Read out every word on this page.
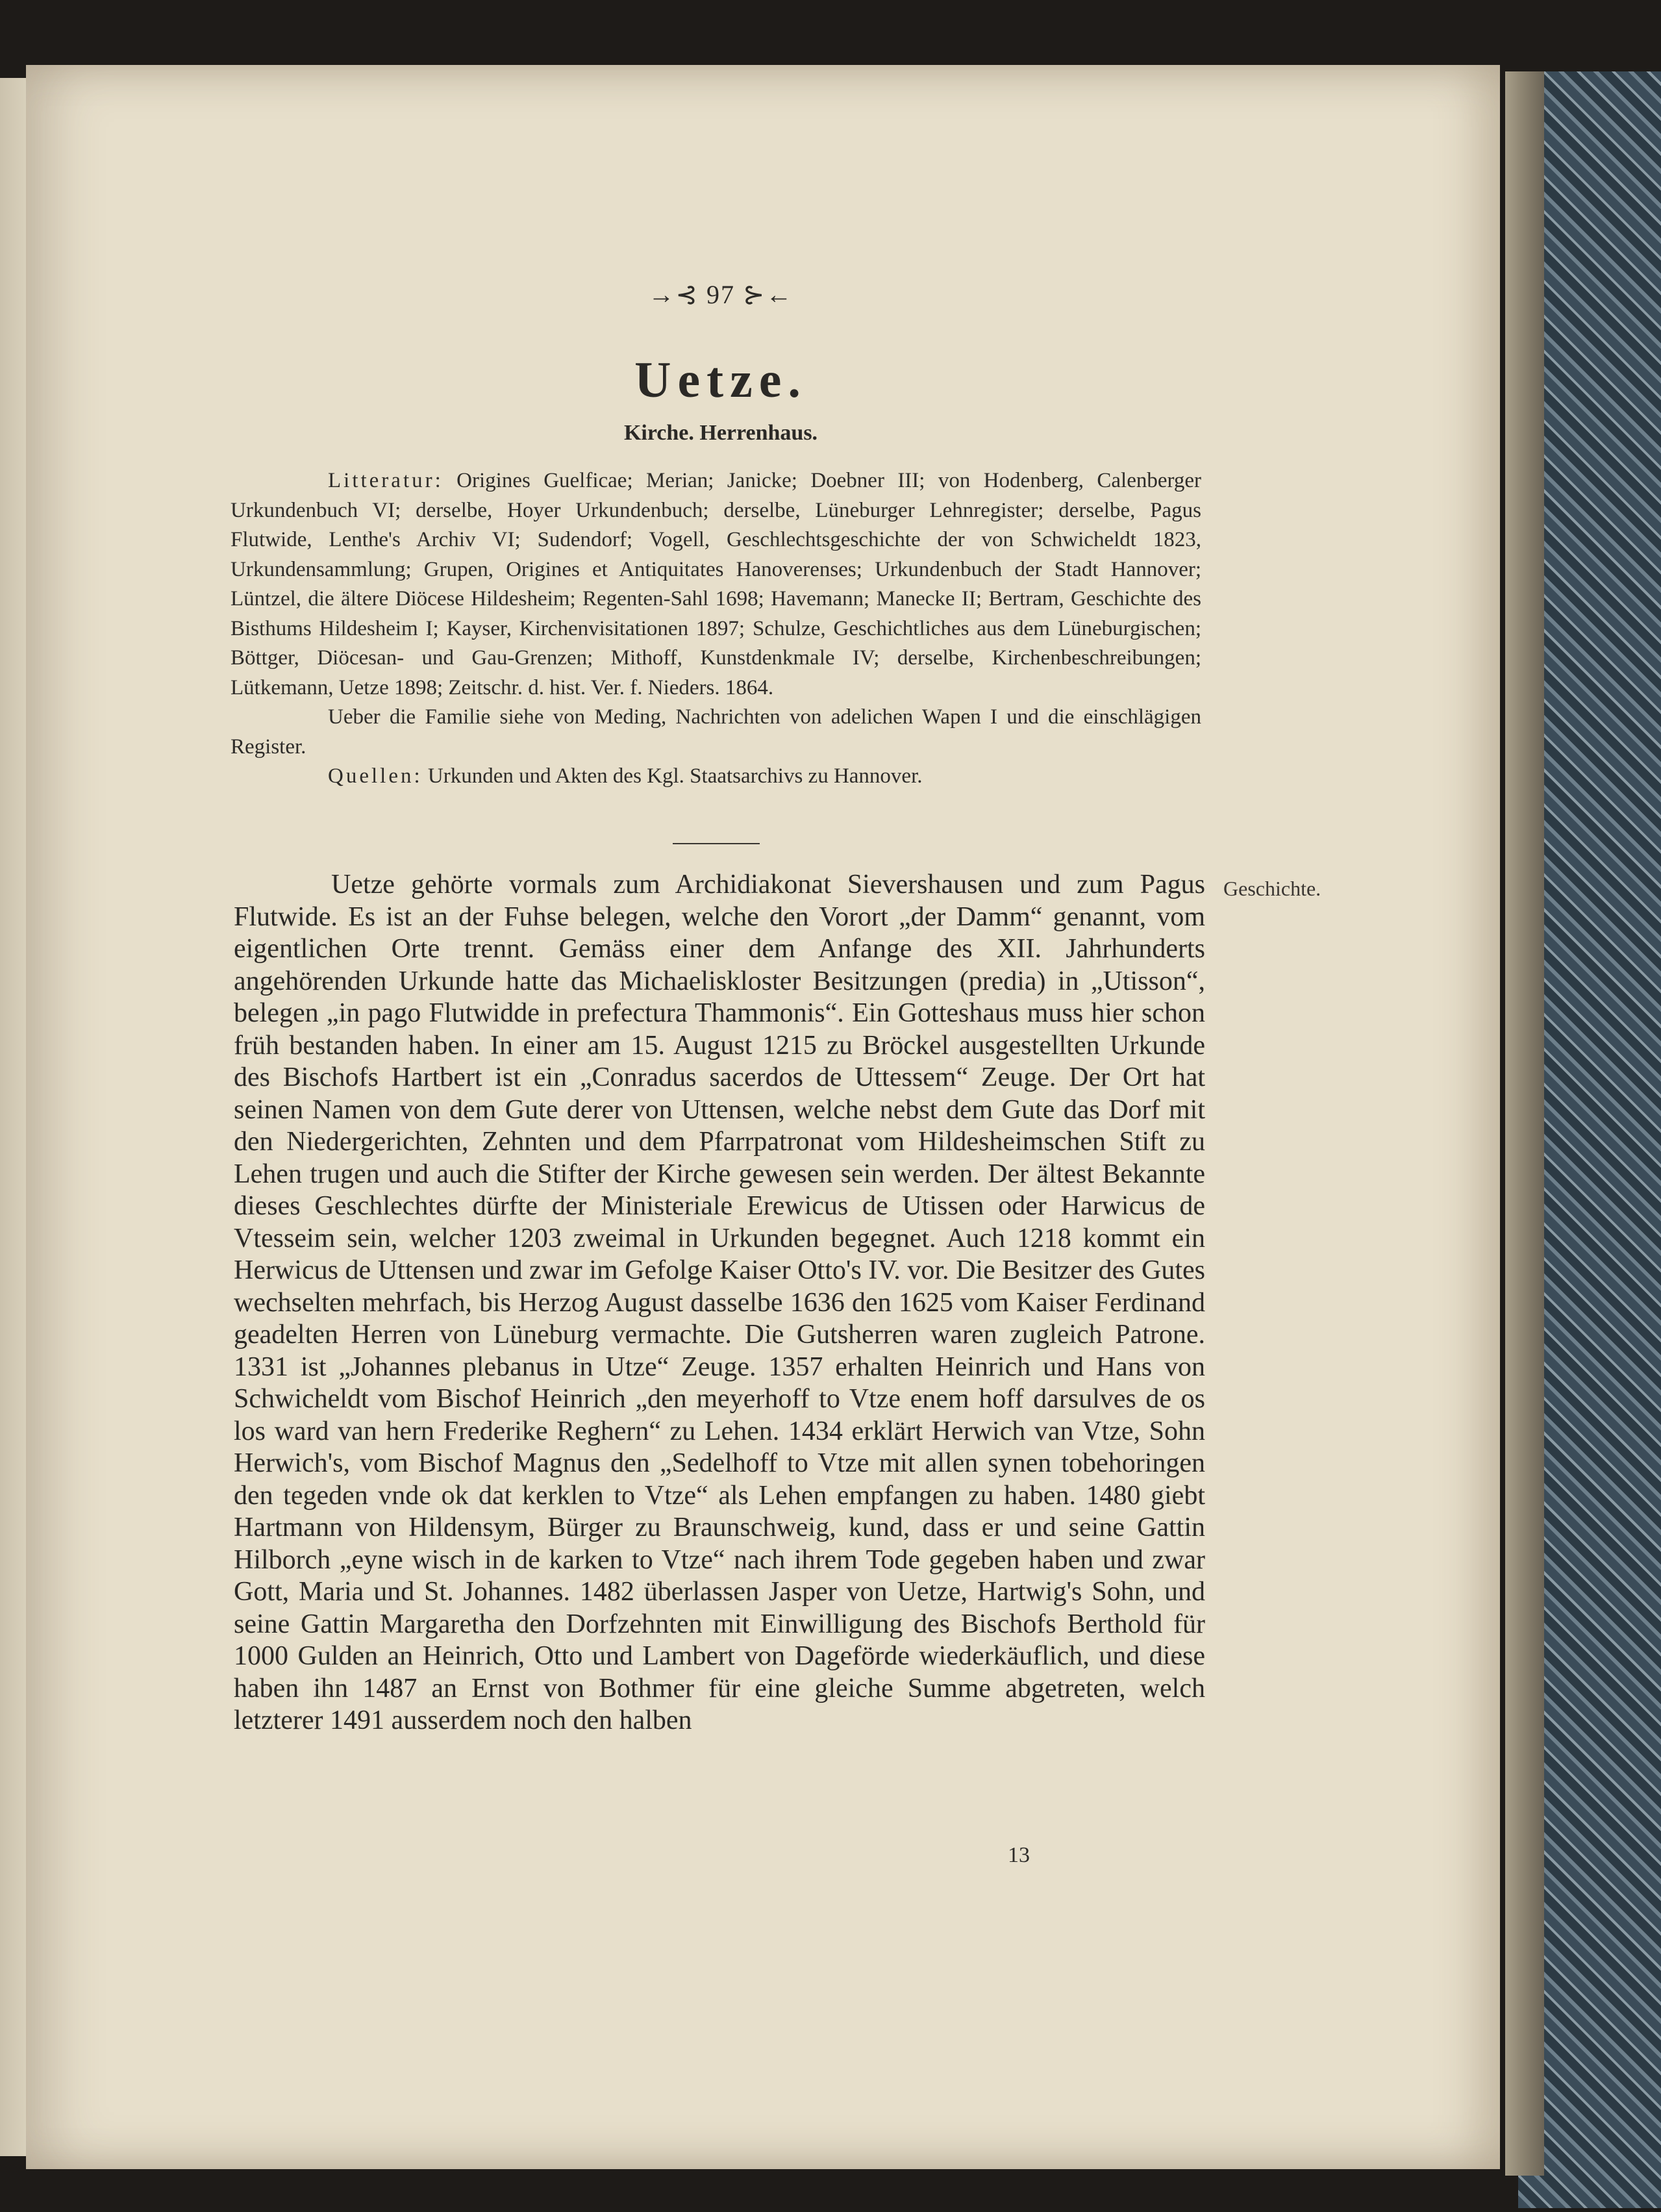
→⊰ 97 ⊱←
Uetze.
Kirche. Herrenhaus.

Litteratur: Origines Guelficae; Merian; Janicke; Doebner III; von Hodenberg, Calenberger Urkundenbuch VI; derselbe, Hoyer Urkundenbuch; derselbe, Lüneburger Lehnregister; derselbe, Pagus Flutwide, Lenthe's Archiv VI; Sudendorf; Vogell, Geschlechtsgeschichte der von Schwicheldt 1823, Urkundensammlung; Grupen, Origines et Antiquitates Hanoverenses; Urkundenbuch der Stadt Hannover; Lüntzel, die ältere Diöcese Hildesheim; Regenten-Sahl 1698; Havemann; Manecke II; Bertram, Geschichte des Bisthums Hildesheim I; Kayser, Kirchenvisitationen 1897; Schulze, Geschichtliches aus dem Lüneburgischen; Böttger, Diöcesan- und Gau-Grenzen; Mithoff, Kunstdenkmale IV; derselbe, Kirchenbeschreibungen; Lütkemann, Uetze 1898; Zeitschr. d. hist. Ver. f. Nieders. 1864.

Ueber die Familie siehe von Meding, Nachrichten von adelichen Wapen I und die einschlägigen Register.

Quellen: Urkunden und Akten des Kgl. Staatsarchivs zu Hannover.

Geschichte.

Uetze gehörte vormals zum Archidiakonat Sievershausen und zum Pagus Flutwide. Es ist an der Fuhse belegen, welche den Vorort „der Damm“ genannt, vom eigentlichen Orte trennt. Gemäss einer dem Anfange des XII. Jahrhunderts angehörenden Urkunde hatte das Michaeliskloster Besitzungen (predia) in „Utisson“, belegen „in pago Flutwidde in prefectura Thammonis“. Ein Gotteshaus muss hier schon früh bestanden haben. In einer am 15. August 1215 zu Bröckel ausgestellten Urkunde des Bischofs Hartbert ist ein „Conradus sacerdos de Uttessem“ Zeuge. Der Ort hat seinen Namen von dem Gute derer von Uttensen, welche nebst dem Gute das Dorf mit den Niedergerichten, Zehnten und dem Pfarrpatronat vom Hildesheimschen Stift zu Lehen trugen und auch die Stifter der Kirche gewesen sein werden. Der ältest Bekannte dieses Geschlechtes dürfte der Ministeriale Erewicus de Utissen oder Harwicus de Vtesseim sein, welcher 1203 zweimal in Urkunden begegnet. Auch 1218 kommt ein Herwicus de Uttensen und zwar im Gefolge Kaiser Otto's IV. vor. Die Besitzer des Gutes wechselten mehrfach, bis Herzog August dasselbe 1636 den 1625 vom Kaiser Ferdinand geadelten Herren von Lüneburg vermachte. Die Gutsherren waren zugleich Patrone. 1331 ist „Johannes plebanus in Utze“ Zeuge. 1357 erhalten Heinrich und Hans von Schwicheldt vom Bischof Heinrich „den meyerhoff to Vtze enem hoff darsulves de os los ward van hern Frederike Reghern“ zu Lehen. 1434 erklärt Herwich van Vtze, Sohn Herwich's, vom Bischof Magnus den „Sedelhoff to Vtze mit allen synen tobehoringen den tegeden vnde ok dat kerklen to Vtze“ als Lehen empfangen zu haben. 1480 giebt Hartmann von Hildensym, Bürger zu Braunschweig, kund, dass er und seine Gattin Hilborch „eyne wisch in de karken to Vtze“ nach ihrem Tode gegeben haben und zwar Gott, Maria und St. Johannes. 1482 überlassen Jasper von Uetze, Hartwig's Sohn, und seine Gattin Margaretha den Dorfzehnten mit Einwilligung des Bischofs Berthold für 1000 Gulden an Heinrich, Otto und Lambert von Dageförde wiederkäuflich, und diese haben ihn 1487 an Ernst von Bothmer für eine gleiche Summe abgetreten, welch letzterer 1491 ausserdem noch den halben

13
